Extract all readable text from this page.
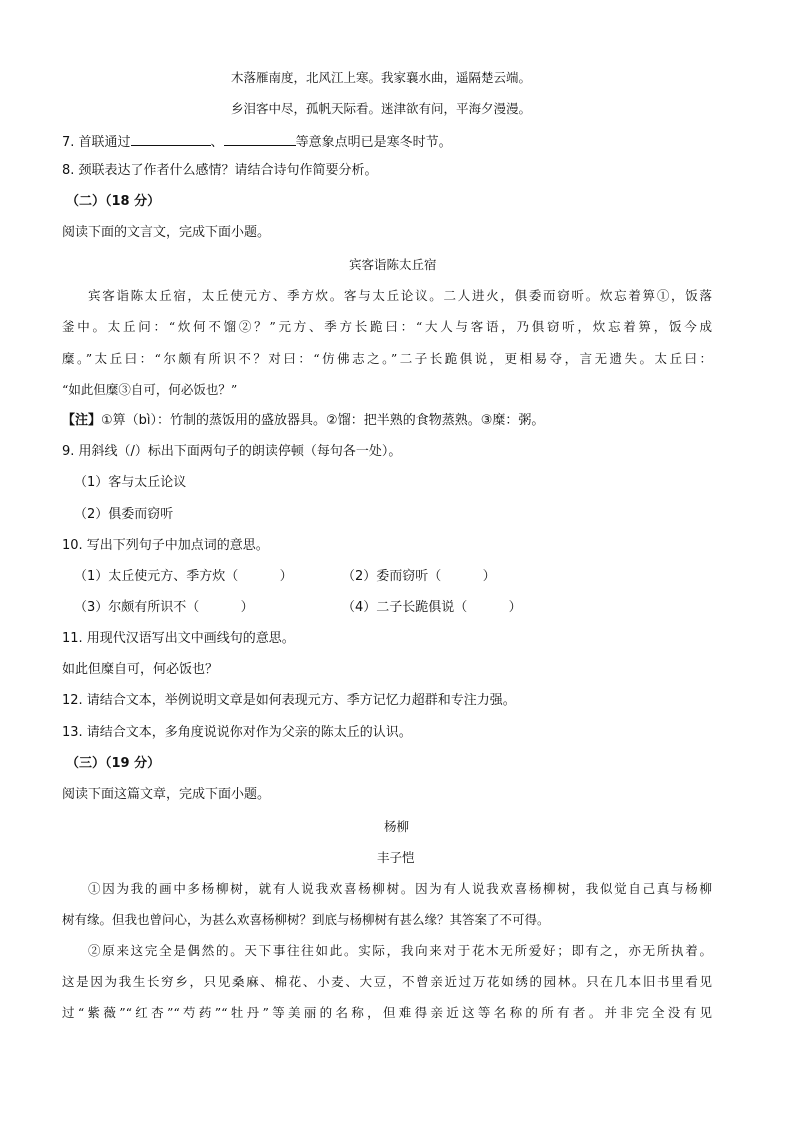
木落雁南度，北风江上寒。我家襄水曲，遥隔楚云端。
乡泪客中尽，孤帆天际看。迷津欲有问，平海夕漫漫。
7. 首联通过	、	等意象点明已是寒冬时节。
8. 颈联表达了作者什么感情？请结合诗句作简要分析。
（二）（18 分）
阅读下面的文言文，完成下面小题。
宾客诣陈太丘宿
宾客诣陈太丘宿，太丘使元方、季方炊。客与太丘论议。二人进火，俱委而窃听。炊忘着箅①，饭落
釜中。太丘问：“炊何不馏②？”元方、季方长跪曰：“大人与客语，乃俱窃听，炊忘着箅，饭今成
糜。”太丘曰：“尔颇有所识不？对曰：“仿佛志之。”二子长跪俱说，更相易夺，言无遗失。太丘曰：
“如此但糜③自可，何必饭也？”
【注】①箅（bì）：竹制的蒸饭用的盛放器具。②馏：把半熟的食物蒸熟。③糜：粥。
9. 用斜线（/）标出下面两句子的朗读停顿（每句各一处）。
（1）客与太丘论议
（2）俱委而窃听
10. 写出下列句子中加点词的意思。
（1）太丘使元方、季方炊（          ）	（2）委而窃听（          ）
（3）尔颇有所识不（          ）	（4）二子长跪俱说（          ）
11. 用现代汉语写出文中画线句的意思。
如此但糜自可，何必饭也？
12. 请结合文本，举例说明文章是如何表现元方、季方记忆力超群和专注力强。
13. 请结合文本，多角度说说你对作为父亲的陈太丘的认识。
（三）（19 分）
阅读下面这篇文章，完成下面小题。
杨柳
丰子恺
①因为我的画中多杨柳树，就有人说我欢喜杨柳树。因为有人说我欢喜杨柳树，我似觉自己真与杨柳
树有缘。但我也曾问心，为甚么欢喜杨柳树？到底与杨柳树有甚么缘？其答案了不可得。
②原来这完全是偶然的。天下事往往如此。实际，我向来对于花木无所爱好；即有之，亦无所执着。
这是因为我生长穷乡，只见桑麻、棉花、小麦、大豆，不曾亲近过万花如绣的园林。只在几本旧书里看见
过“紫薇”“红杏”“芍药”“牡丹”等美丽的名称，但难得亲近这等名称的所有者。并非完全没有见
